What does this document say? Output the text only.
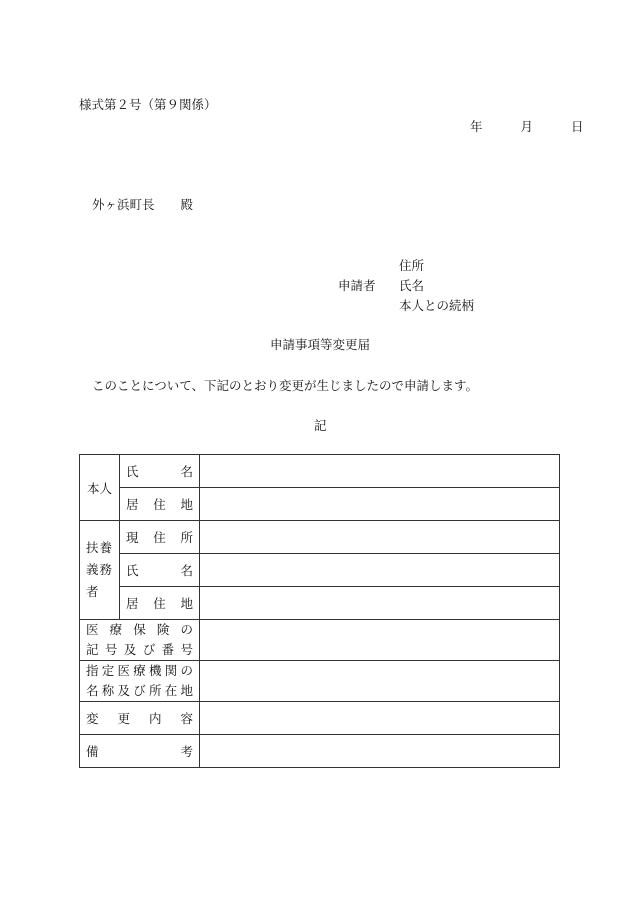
様式第２号（第９関係）
年	月	日
外ヶ浜町長 殿
申請者
住所
氏名
本人との続柄
申請事項等変更届
このことについて、下記のとおり変更が生じましたので申請します。
記
本人	氏　名	
	居　住　地	

扶養
義務
者	現　住　所	
	氏　名	
	居　住　地	

医療保険の
記号及び番号		

指定医療機関の
名称及び所在地		

変更内容		
備　考		
